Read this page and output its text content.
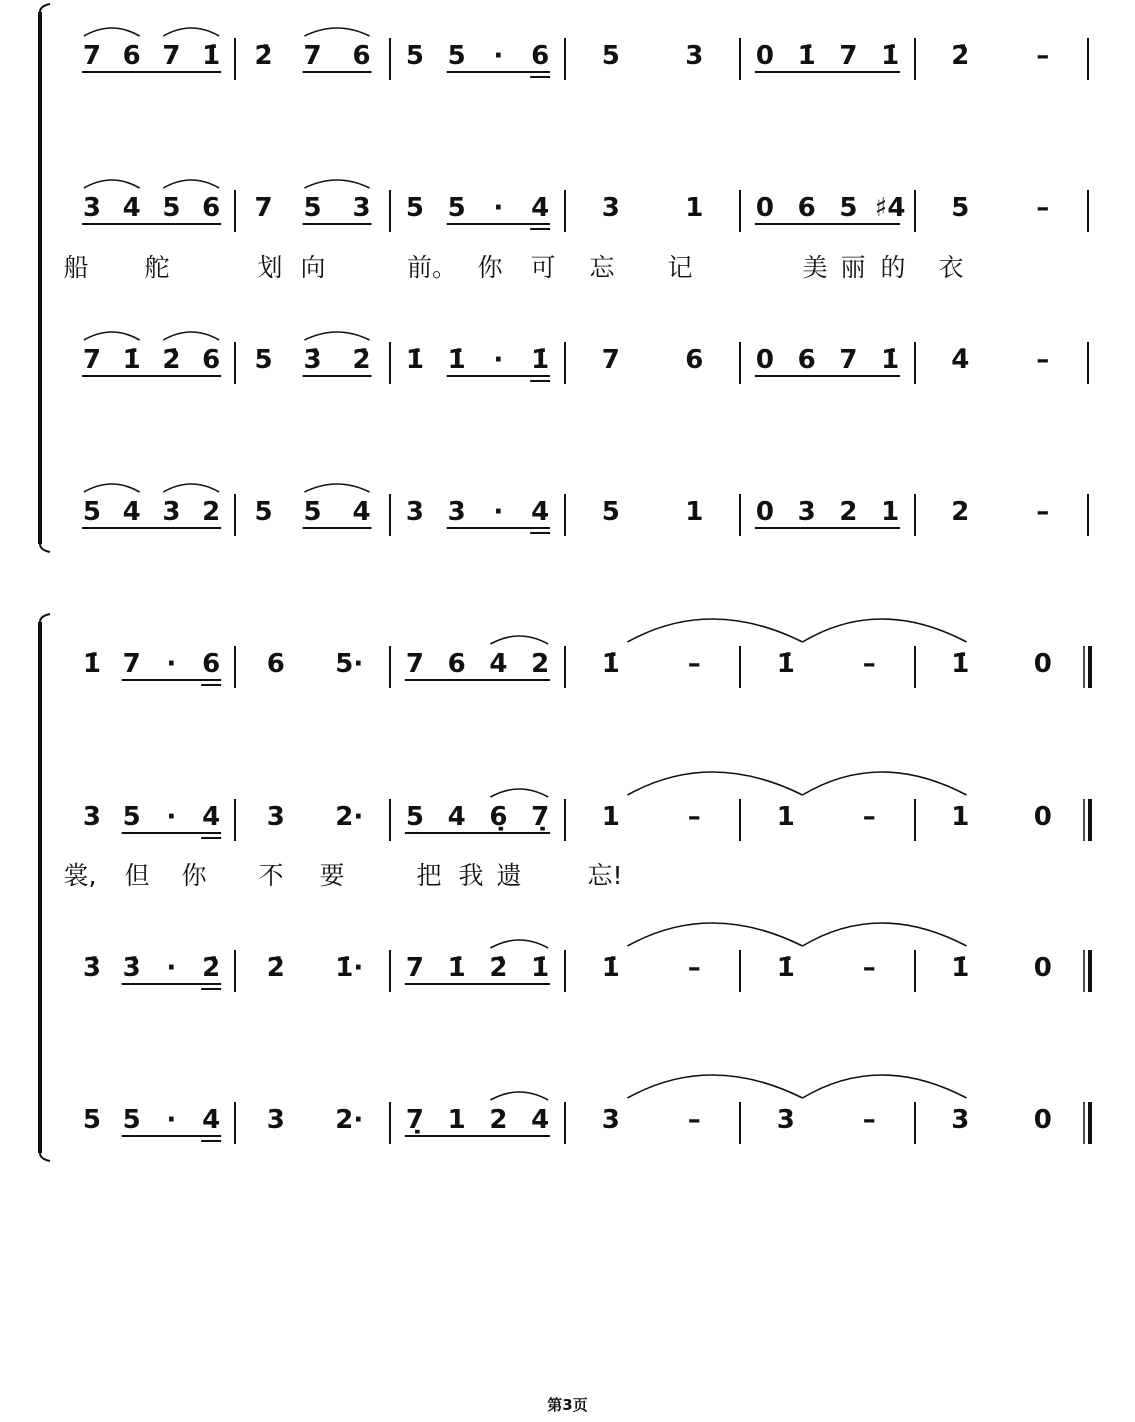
7 6 7 1̇ 2̇ 7 6 5 5 · 6 5	3 0 1̇ 7 1̇ 2̇	–
3 4 5 6 7 5 3 5 5 · 4 3	1 0 6 5 ♯4 5	–
船 舵	划 向	前。 你 可 忘 记	美 丽 的 衣
7 1̇ 2̇ 6 5 3̇ 2̇ 1̇ 1̇ · 1̇ 7	6 0 6 7 1̇ 4̇	–
5 4 3 2 5 5 4 3 3 · 4 5	1 0 3 2 1 2	–
1̇ 7 · 6 6 5· 7 6 4 2 1̇	–	1̇	–	1̇ 0
3 5 · 4 3 2· 5 4 6̣ 7̣ 1	–	1	–	1 0
裳, 但 你 不 要	把 我 遗	忘!
3̇ 3̇ · 2̇ 2̇ 1̇· 7 1̇ 2̇ 1̇ 1̇	–	1̇	–	1̇ 0
5 5 · 4 3 2· 7̣ 1 2 4 3	–	3	–	3 0
第3页
